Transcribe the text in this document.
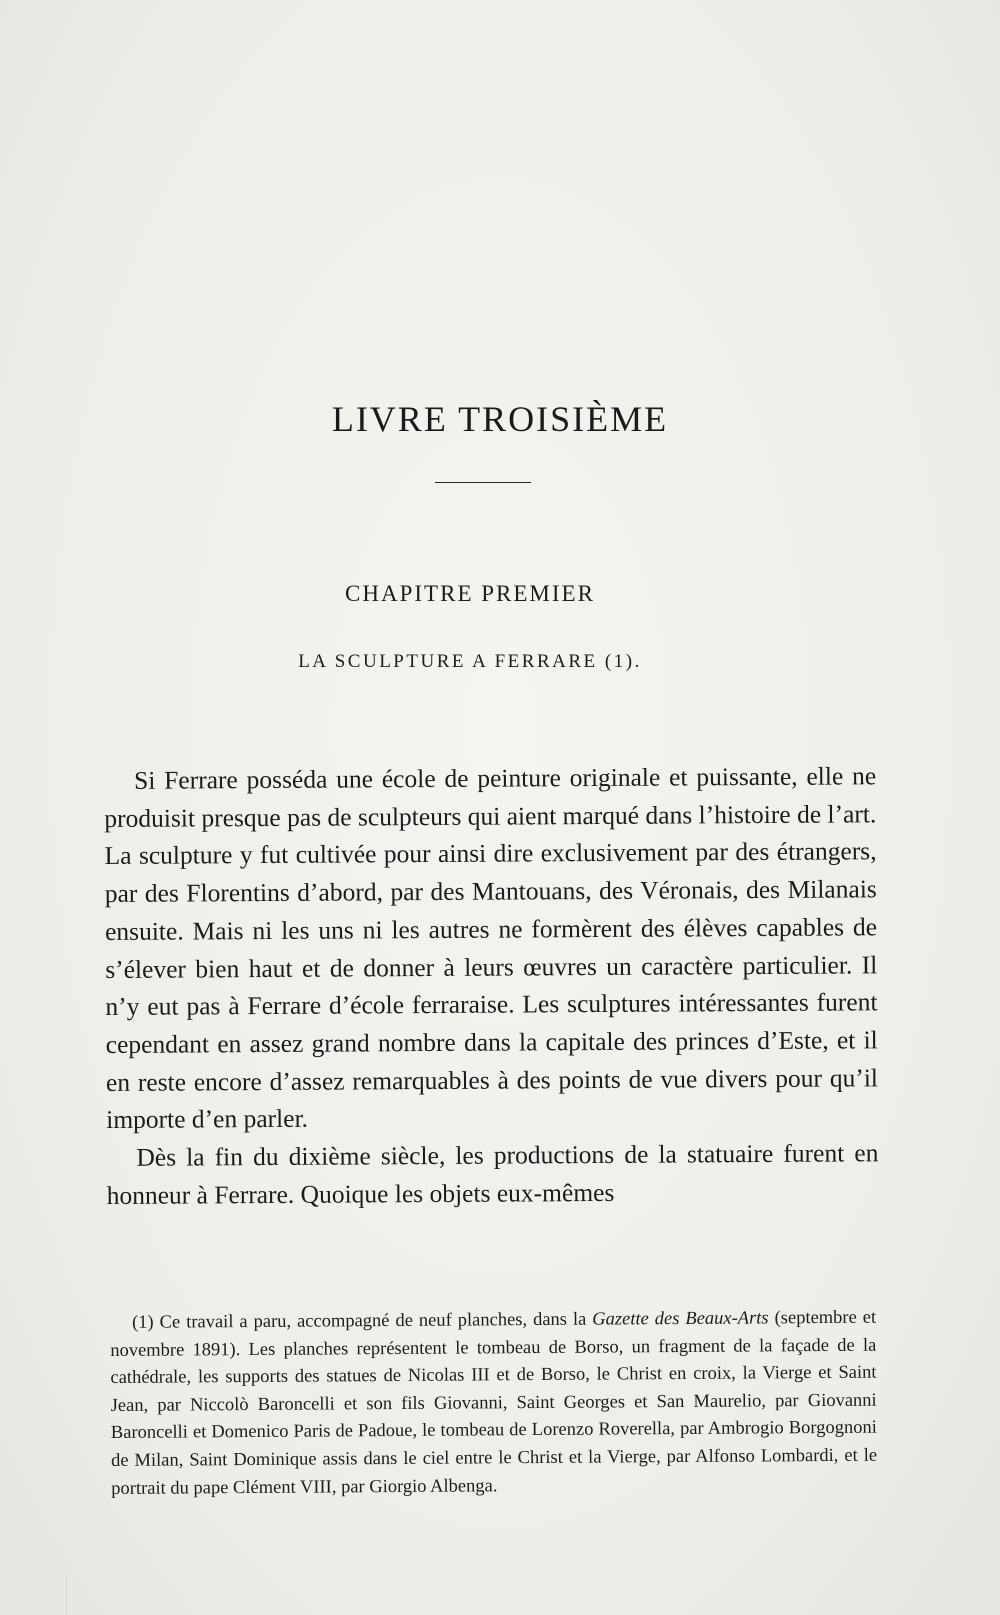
LIVRE TROISIÈME
CHAPITRE PREMIER
LA SCULPTURE A FERRARE (1).

Si Ferrare posséda une école de peinture originale et puissante, elle ne produisit presque pas de sculpteurs qui aient marqué dans l’histoire de l’art. La sculpture y fut cultivée pour ainsi dire exclusivement par des étrangers, par des Florentins d’abord, par des Mantouans, des Véronais, des Milanais ensuite. Mais ni les uns ni les autres ne formèrent des élèves capables de s’élever bien haut et de donner à leurs œuvres un caractère particulier. Il n’y eut pas à Ferrare d’école ferraraise. Les sculptures intéressantes furent cependant en assez grand nombre dans la capitale des princes d’Este, et il en reste encore d’assez remarquables à des points de vue divers pour qu’il importe d’en parler.

Dès la fin du dixième siècle, les productions de la statuaire furent en honneur à Ferrare. Quoique les objets eux-mêmes

(1) Ce travail a paru, accompagné de neuf planches, dans la Gazette des Beaux-Arts (septembre et novembre 1891). Les planches représentent le tombeau de Borso, un fragment de la façade de la cathédrale, les supports des statues de Nicolas III et de Borso, le Christ en croix, la Vierge et Saint Jean, par Niccolò Baroncelli et son fils Giovanni, Saint Georges et San Maurelio, par Giovanni Baroncelli et Domenico Paris de Padoue, le tombeau de Lorenzo Roverella, par Ambrogio Borgognoni de Milan, Saint Dominique assis dans le ciel entre le Christ et la Vierge, par Alfonso Lombardi, et le portrait du pape Clément VIII, par Giorgio Albenga.
